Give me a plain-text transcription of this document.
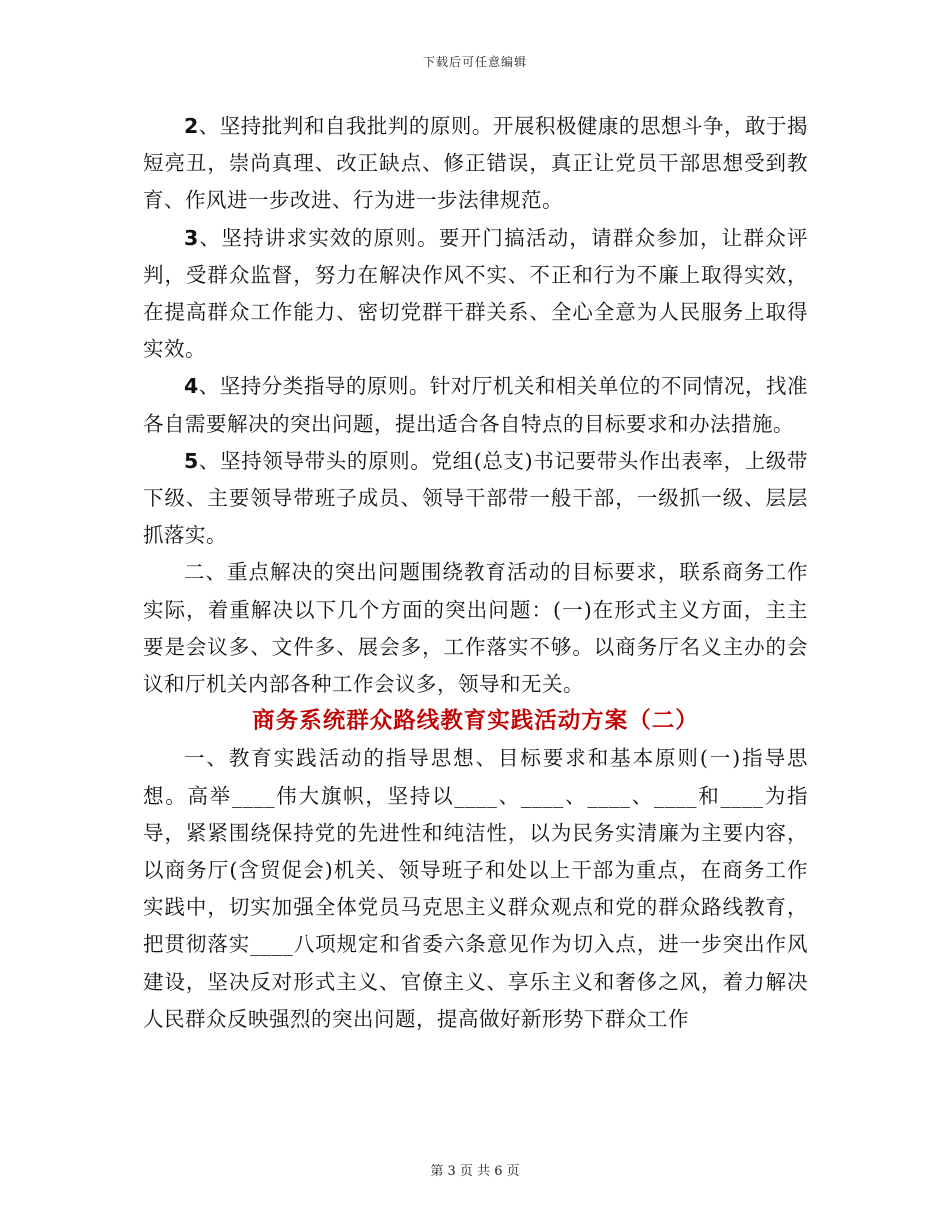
下载后可任意编辑

2、坚持批判和自我批判的原则。开展积极健康的思想斗争，敢于揭短亮丑，崇尚真理、改正缺点、修正错误，真正让党员干部思想受到教育、作风进一步改进、行为进一步法律规范。

3、坚持讲求实效的原则。要开门搞活动，请群众参加，让群众评判，受群众监督，努力在解决作风不实、不正和行为不廉上取得实效，在提高群众工作能力、密切党群干群关系、全心全意为人民服务上取得实效。

4、坚持分类指导的原则。针对厅机关和相关单位的不同情况，找准各自需要解决的突出问题，提出适合各自特点的目标要求和办法措施。

5、坚持领导带头的原则。党组(总支)书记要带头作出表率，上级带下级、主要领导带班子成员、领导干部带一般干部，一级抓一级、层层抓落实。

二、重点解决的突出问题围绕教育活动的目标要求，联系商务工作实际，着重解决以下几个方面的突出问题：(一)在形式主义方面，主主要是会议多、文件多、展会多，工作落实不够。以商务厅名义主办的会议和厅机关内部各种工作会议多，领导和无关。

商务系统群众路线教育实践活动方案（二）

一、教育实践活动的指导思想、目标要求和基本原则(一)指导思想。高举____伟大旗帜，坚持以____、____、____、____和____为指导，紧紧围绕保持党的先进性和纯洁性，以为民务实清廉为主要内容，以商务厅(含贸促会)机关、领导班子和处以上干部为重点，在商务工作实践中，切实加强全体党员马克思主义群众观点和党的群众路线教育，把贯彻落实____八项规定和省委六条意见作为切入点，进一步突出作风建设，坚决反对形式主义、官僚主义、享乐主义和奢侈之风，着力解决人民群众反映强烈的突出问题，提高做好新形势下群众工作

第 3 页 共 6 页
